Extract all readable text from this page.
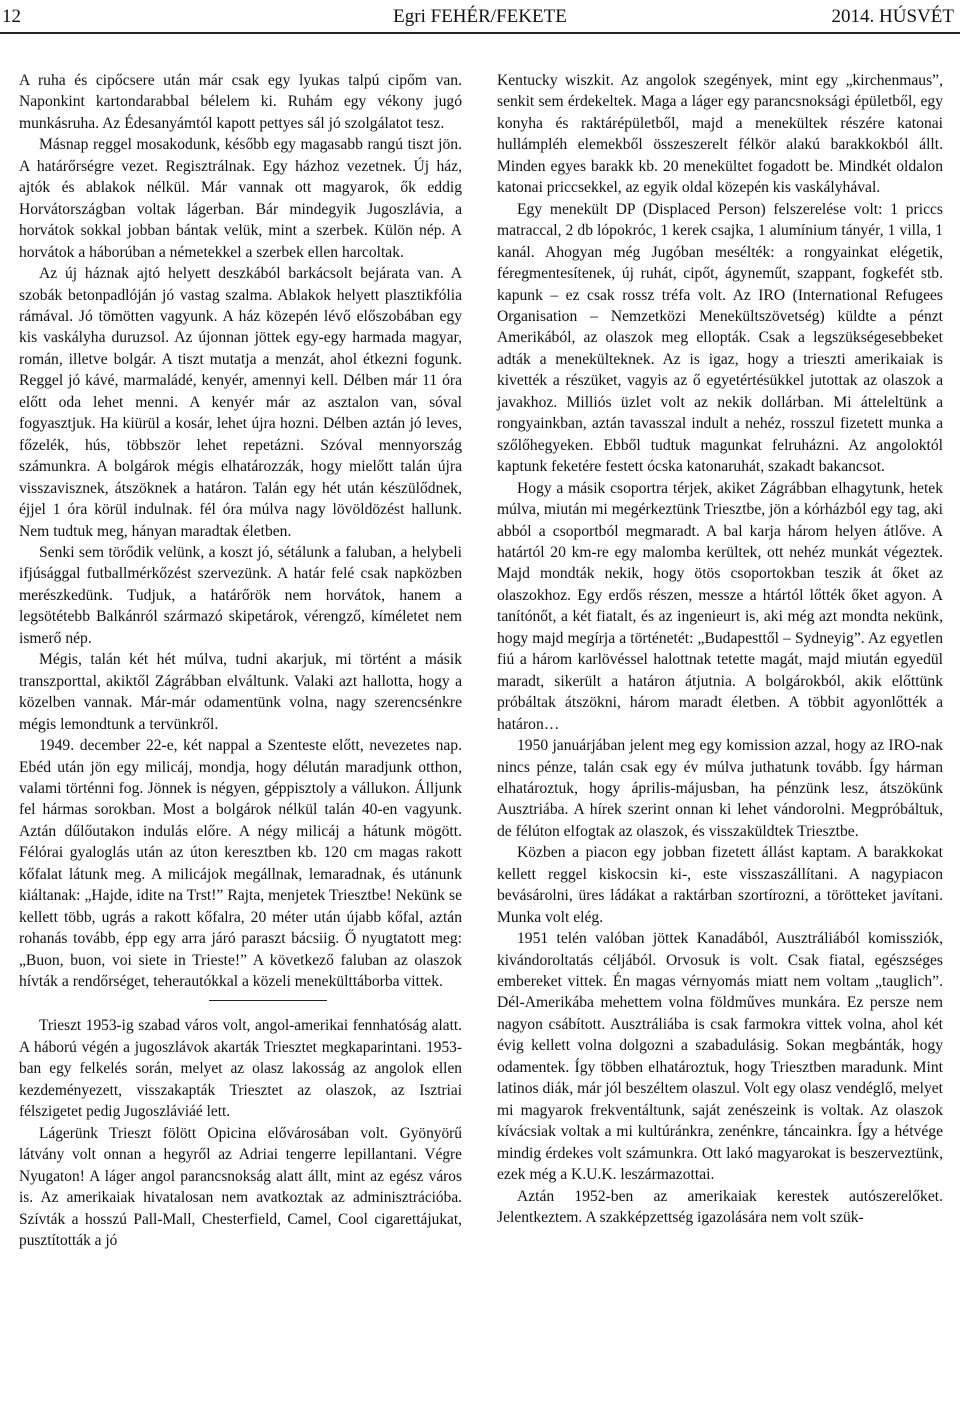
12	Egri FEHÉR/FEKETE	2014. HÚSVÉT

A ruha és cipőcsere után már csak egy lyukas talpú cipőm van. Naponkint kartondarabbal bélelem ki. Ruhám egy vékony jugó munkásruha. Az Édesanyámtól kapott pettyes sál jó szolgálatot tesz.

Másnap reggel mosakodunk, később egy magasabb rangú tiszt jön. A határőrségre vezet. Regisztrálnak. Egy házhoz vezetnek. Új ház, ajtók és ablakok nélkül. Már vannak ott magyarok, ők eddig Horvátországban voltak lágerban. Bár mindegyik Jugoszlávia, a horvátok sokkal jobban bántak velük, mint a szerbek. Külön nép. A horvátok a háborúban a németekkel a szerbek ellen harcoltak.

Az új háznak ajtó helyett deszkából barkácsolt bejárata van. A szobák betonpadlóján jó vastag szalma. Ablakok helyett plasztikfólia rámával. Jó tömötten vagyunk. A ház közepén lévő előszobában egy kis vaskályha duruzsol. Az újonnan jöttek egy-egy harmada magyar, román, illetve bolgár. A tiszt mutatja a menzát, ahol étkezni fogunk. Reggel jó kávé, marmaládé, kenyér, amennyi kell. Délben már 11 óra előtt oda lehet menni. A kenyér már az asztalon van, sóval fogyasztjuk. Ha kiürül a kosár, lehet újra hozni. Délben aztán jó leves, főzelék, hús, többször lehet repetázni. Szóval mennyország számunkra. A bolgárok mégis elhatározzák, hogy mielőtt talán újra visszavisznek, átszöknek a határon. Talán egy hét után készülődnek, éjjel 1 óra körül indulnak. fél óra múlva nagy lövöldözést hallunk. Nem tudtuk meg, hányan maradtak életben.

Senki sem törődik velünk, a koszt jó, sétálunk a faluban, a helybeli ifjúsággal futballmérkőzést szervezünk. A határ felé csak napközben merészkedünk. Tudjuk, a határőrök nem horvátok, hanem a legsötétebb Balkánról származó skipetárok, vérengző, kíméletet nem ismerő nép.

Mégis, talán két hét múlva, tudni akarjuk, mi történt a másik transzporttal, akiktől Zágrábban elváltunk. Valaki azt hallotta, hogy a közelben vannak. Már-már odamentünk volna, nagy szerencsénkre mégis lemondtunk a tervünkről.

1949. december 22-e, két nappal a Szenteste előtt, nevezetes nap. Ebéd után jön egy milicáj, mondja, hogy délután maradjunk otthon, valami történni fog. Jönnek is négyen, géppisztoly a vállukon. Álljunk fel hármas sorokban. Most a bolgárok nélkül talán 40-en vagyunk. Aztán dűlőutakon indulás előre. A négy milicáj a hátunk mögött. Félórai gyaloglás után az úton keresztben kb. 120 cm magas rakott kőfalat látunk meg. A milicájok megállnak, lemaradnak, és utánunk kiáltanak: „Hajde, idite na Trst!” Rajta, menjetek Triesztbe! Nekünk se kellett több, ugrás a rakott kőfalra, 20 méter után újabb kőfal, aztán rohanás tovább, épp egy arra járó paraszt bácsiig. Ő nyugtatott meg: „Buon, buon, voi siete in Trieste!” A következő faluban az olaszok hívták a rendőrséget, teherautókkal a közeli menekülttáborba vittek.

Trieszt 1953-ig szabad város volt, angol-amerikai fennhatóság alatt. A háború végén a jugoszlávok akarták Triesztet megkaparintani. 1953-ban egy felkelés során, melyet az olasz lakosság az angolok ellen kezdeményezett, visszakapták Triesztet az olaszok, az Isztriai félszigetet pedig Jugoszláviáé lett.

Lágerünk Trieszt fölött Opicina elővárosában volt. Gyönyörű látvány volt onnan a hegyről az Adriai tengerre lepillantani. Végre Nyugaton! A láger angol parancsnokság alatt állt, mint az egész város is. Az amerikaiak hivatalosan nem avatkoztak az adminisztrációba. Szívták a hosszú Pall-Mall, Chesterfield, Camel, Cool cigarettájukat, pusztították a jó

Kentucky wiszkit. Az angolok szegények, mint egy „kirchenmaus”, senkit sem érdekeltek. Maga a láger egy parancsnoksági épületből, egy konyha és raktárépületből, majd a menekültek részére katonai hullámpléh elemekből összeszerelt félkör alakú barakkokból állt. Minden egyes barakk kb. 20 menekültet fogadott be. Mindkét oldalon katonai priccsekkel, az egyik oldal közepén kis vaskályhával.

Egy menekült DP (Displaced Person) felszerelése volt: 1 priccs matraccal, 2 db lópokróc, 1 kerek csajka, 1 alumínium tányér, 1 villa, 1 kanál. Ahogyan még Jugóban mesélték: a rongyainkat elégetik, féregmentesítenek, új ruhát, cipőt, ágyneműt, szappant, fogkefét stb. kapunk – ez csak rossz tréfa volt. Az IRO (International Refugees Organisation – Nemzetközi Menekültszövetség) küldte a pénzt Amerikából, az olaszok meg ellopták. Csak a legszükségesebbeket adták a menekülteknek. Az is igaz, hogy a trieszti amerikaiak is kivették a részüket, vagyis az ő egyetértésükkel jutottak az olaszok a javakhoz. Milliós üzlet volt az nekik dollárban. Mi átteleltünk a rongyainkban, aztán tavasszal indult a nehéz, rosszul fizetett munka a szőlőhegyeken. Ebből tudtuk magunkat felruházni. Az angoloktól kaptunk feketére festett ócska katonaruhát, szakadt bakancsot.

Hogy a másik csoportra térjek, akiket Zágrábban elhagytunk, hetek múlva, miután mi megérkeztünk Triesztbe, jön a kórházból egy tag, aki abból a csoportból megmaradt. A bal karja három helyen átlőve. A határtól 20 km-re egy malomba kerültek, ott nehéz munkát végeztek. Majd mondták nekik, hogy ötös csoportokban teszik át őket az olaszokhoz. Egy erdős részen, messze a htártól lőtték őket agyon. A tanítónőt, a két fiatalt, és az ingenieurt is, aki még azt mondta nekünk, hogy majd megírja a történetét: „Budapesttől – Sydneyig”. Az egyetlen fiú a három karlövéssel halottnak tetette magát, majd miután egyedül maradt, sikerült a határon átjutnia. A bolgárokból, akik előttünk próbáltak átszökni, három maradt életben. A többit agyonlőtték a határon…

1950 januárjában jelent meg egy komission azzal, hogy az IRO-nak nincs pénze, talán csak egy év múlva juthatunk tovább. Így hárman elhatároztuk, hogy április-májusban, ha pénzünk lesz, átszökünk Ausztriába. A hírek szerint onnan ki lehet vándorolni. Megpróbáltuk, de félúton elfogtak az olaszok, és visszaküldtek Triesztbe.

Közben a piacon egy jobban fizetett állást kaptam. A barakkokat kellett reggel kiskocsin ki-, este visszaszállítani. A nagypiacon bevásárolni, üres ládákat a raktárban szortírozni, a törötteket javítani. Munka volt elég.

1951 telén valóban jöttek Kanadából, Ausztráliából komissziók, kivándoroltatás céljából. Orvosuk is volt. Csak fiatal, egészséges embereket vittek. Én magas vérnyomás miatt nem voltam „tauglich”. Dél-Amerikába mehettem volna földműves munkára. Ez persze nem nagyon csábított. Ausztráliába is csak farmokra vittek volna, ahol két évig kellett volna dolgozni a szabadulásig. Sokan megbánták, hogy odamentek. Így többen elhatároztuk, hogy Triesztben maradunk. Mint latinos diák, már jól beszéltem olaszul. Volt egy olasz vendéglő, melyet mi magyarok frekventáltunk, saját zenészeink is voltak. Az olaszok kívácsiak voltak a mi kultúránkra, zenénkre, táncainkra. Így a hétvége mindig érdekes volt számunkra. Ott lakó magyarokat is beszerveztünk, ezek még a K.U.K. leszármazottai.

Aztán 1952-ben az amerikaiak kerestek autószerelőket. Jelentkeztem. A szakképzettség igazolására nem volt szük-
